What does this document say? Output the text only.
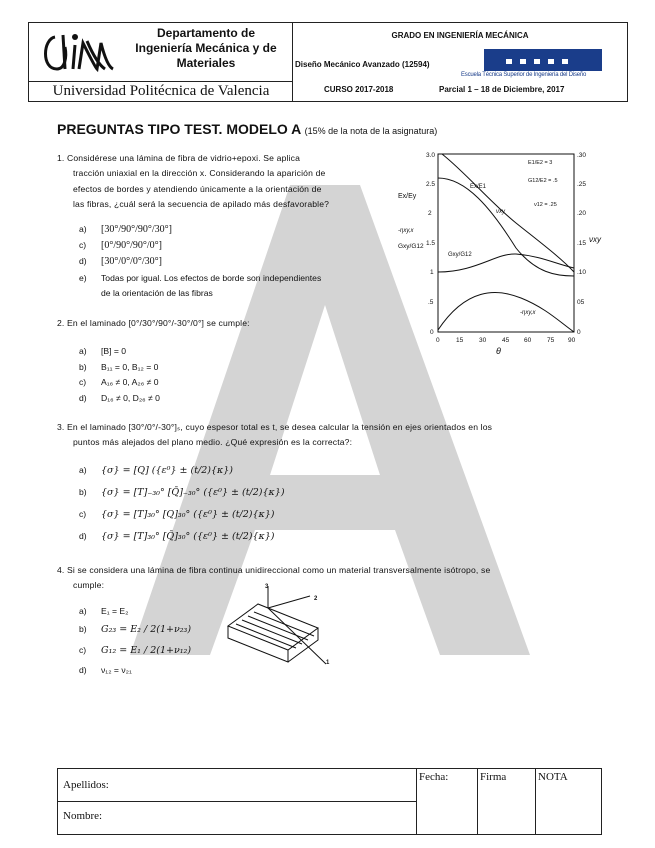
Departamento de
Ingeniería Mecánica y de
Materiales
Universidad Politécnica de Valencia
GRADO EN INGENIERÍA MECÁNICA
Diseño Mecánico Avanzado (12594)
Escuela Técnica Superior de Ingeniería del Diseño
CURSO 2017-2018	Parcial 1 – 18 de Diciembre, 2017
PREGUNTAS TIPO TEST. MODELO A (15% de la nota de la asignatura)
1. Considérese una lámina de fibra de vidrio+epoxi. Se aplica
tracción uniaxial en la dirección x. Considerando la aparición de
efectos de bordes y atendiendo únicamente a la orientación de
las fibras, ¿cuál será la secuencia de apilado más desfavorable?
a) [30°/90°/90°/30°]
c) [0°/90°/90°/0°]
d) [30°/0°/0°/30°]
e) Todas por igual. Los efectos de borde son independientes
de la orientación de las fibras
3.0
2.5
2
1.5
1
.5
0
.30
.25
.20
.15
.10
05
0
0	15 30 45 60 75 90
θ
νxy
Ex/Ey
-ηxy,x
Gxy/G12
Ex/E1
νxy
Gxy/G12
-ηxy,x
E1/E2 = 3
G12/E2 = .5
ν12 = .25
2. En el laminado [0°/30°/90°/-30°/0°] se cumple:
a) [B] = 0
b) B₁₁ = 0, B₁₂ = 0
c) A₁₆ ≠ 0, A₂₆ ≠ 0
d) D₁₆ ≠ 0, D₂₆ ≠ 0
3. En el laminado [30°/0°/-30°]ₛ, cuyo espesor total es t, se desea calcular la tensión en ejes orientados en los
puntos más alejados del plano medio. ¿Qué expresión es la correcta?:
a) {σ} = [Q] ({ε⁰} ± (t/2){κ})
b) {σ} = [T]₋₃₀° [Q̄]₋₃₀° ({ε⁰} ± (t/2){κ})
c) {σ} = [T]₃₀° [Q]₃₀° ({ε⁰} ± (t/2){κ})
d) {σ} = [T]₃₀° [Q̄]₃₀° ({ε⁰} ± (t/2){κ})
4. Si se considera una lámina de fibra continua unidireccional como un material transversalmente isótropo, se
cumple:
a) E₁ = E₂
b) G₂₃ = E₂ / 2(1+ν₂₃)
c) G₁₂ = E₁ / 2(1+ν₁₂)
d) ν₁₂ = ν₂₁
3
2
1
Apellidos:
Nombre:
Fecha:	Firma	NOTA
